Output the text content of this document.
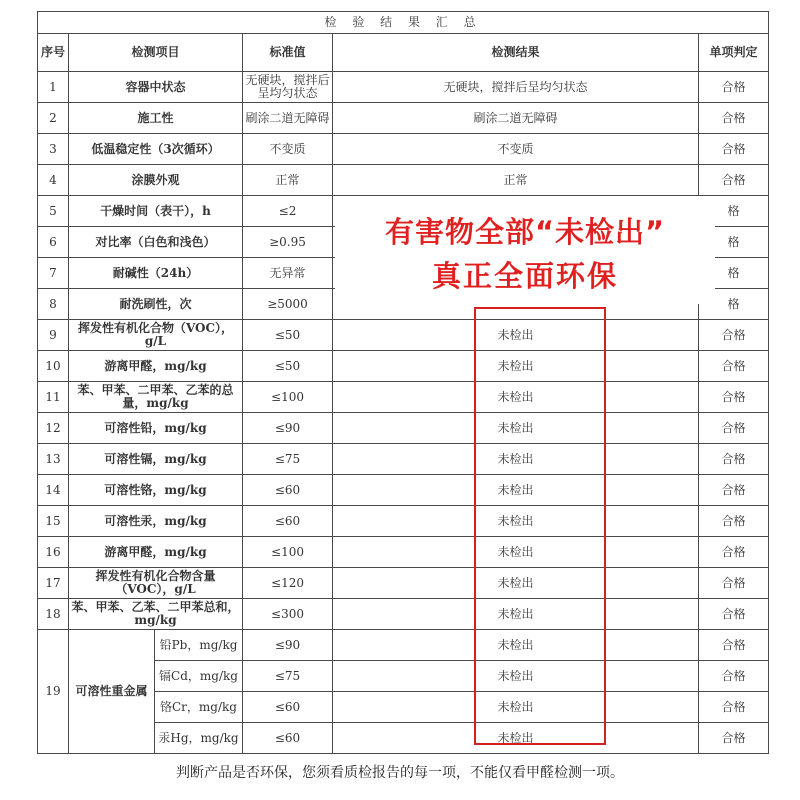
检 验 结 果 汇 总					
序号	检测项目		标准值	检测结果	单项判定
1	容器中状态		无硬块，搅拌后呈均匀状态	无硬块，搅拌后呈均匀状态	合格
2	施工性		刷涂二道无障碍	刷涂二道无障碍	合格
3	低温稳定性（3次循环）		不变质	不变质	合格
4	涂膜外观		正常	正常	合格
5	干燥时间（表干），h		≤2		格
6	对比率（白色和浅色）		≥0.95		格
7	耐碱性（24h）		无异常		格
8	耐洗刷性，次		≥5000		格
9	挥发性有机化合物（VOC），g/L		≤50	未检出	合格
10	游离甲醛，mg/kg		≤50	未检出	合格
11	苯、甲苯、二甲苯、乙苯的总量，mg/kg		≤100	未检出	合格
12	可溶性铅，mg/kg		≤90	未检出	合格
13	可溶性镉，mg/kg		≤75	未检出	合格
14	可溶性铬，mg/kg		≤60	未检出	合格
15	可溶性汞，mg/kg		≤60	未检出	合格
16	游离甲醛，mg/kg		≤100	未检出	合格
17	挥发性有机化合物含量（VOC），g/L		≤120	未检出	合格
18	苯、甲苯、乙苯、二甲苯总和，mg/kg		≤300	未检出	合格
19	可溶性重金属	铅Pb，mg/kg	≤90	未检出	合格
		镉Cd，mg/kg	≤75	未检出	合格
		铬Cr，mg/kg	≤60	未检出	合格
		汞Hg，mg/kg	≤60	未检出	合格
有害物全部“未检出”
真正全面环保
判断产品是否环保，您须看质检报告的每一项，不能仅看甲醛检测一项。
